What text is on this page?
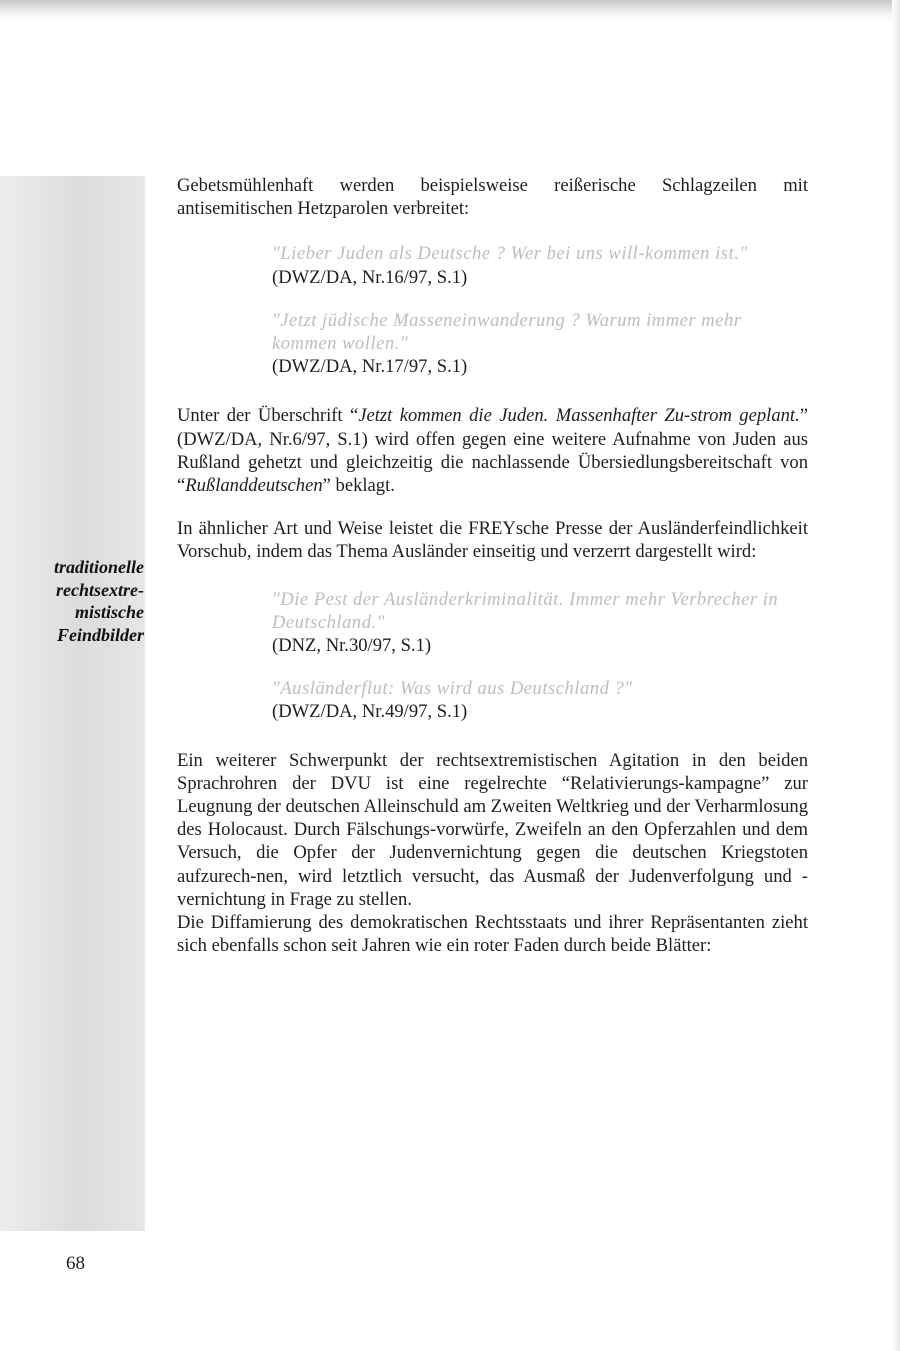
traditionelle
rechtsextre-
mistische
Feindbilder

Gebetsmühlenhaft werden beispielsweise reißerische Schlagzeilen mit antisemitischen Hetzparolen verbreitet:

"Lieber Juden als Deutsche ? Wer bei uns will-kommen ist."

(DWZ/DA, Nr.16/97, S.1)

"Jetzt jüdische Masseneinwanderung ? Warum immer mehr kommen wollen."

(DWZ/DA, Nr.17/97, S.1)

Unter der Überschrift “Jetzt kommen die Juden. Massenhafter Zu-strom geplant.” (DWZ/DA, Nr.6/97, S.1) wird offen gegen eine weitere Aufnahme von Juden aus Rußland gehetzt und gleichzeitig die nachlassende Übersiedlungsbereitschaft von “Rußlanddeutschen” beklagt.

In ähnlicher Art und Weise leistet die FREYsche Presse der Ausländerfeindlichkeit Vorschub, indem das Thema Ausländer einseitig und verzerrt dargestellt wird:

"Die Pest der Ausländerkriminalität. Immer mehr Verbrecher in Deutschland."

(DNZ, Nr.30/97, S.1)

"Ausländerflut: Was wird aus Deutschland ?"

(DWZ/DA, Nr.49/97, S.1)

Ein weiterer Schwerpunkt der rechtsextremistischen Agitation in den beiden Sprachrohren der DVU ist eine regelrechte “Relativierungs-kampagne” zur Leugnung der deutschen Alleinschuld am Zweiten Weltkrieg und der Verharmlosung des Holocaust. Durch Fälschungs-vorwürfe, Zweifeln an den Opferzahlen und dem Versuch, die Opfer der Judenvernichtung gegen die deutschen Kriegstoten aufzurech-nen, wird letztlich versucht, das Ausmaß der Judenverfolgung und -vernichtung in Frage zu stellen.

Die Diffamierung des demokratischen Rechtsstaats und ihrer Repräsentanten zieht sich ebenfalls schon seit Jahren wie ein roter Faden durch beide Blätter:

68
